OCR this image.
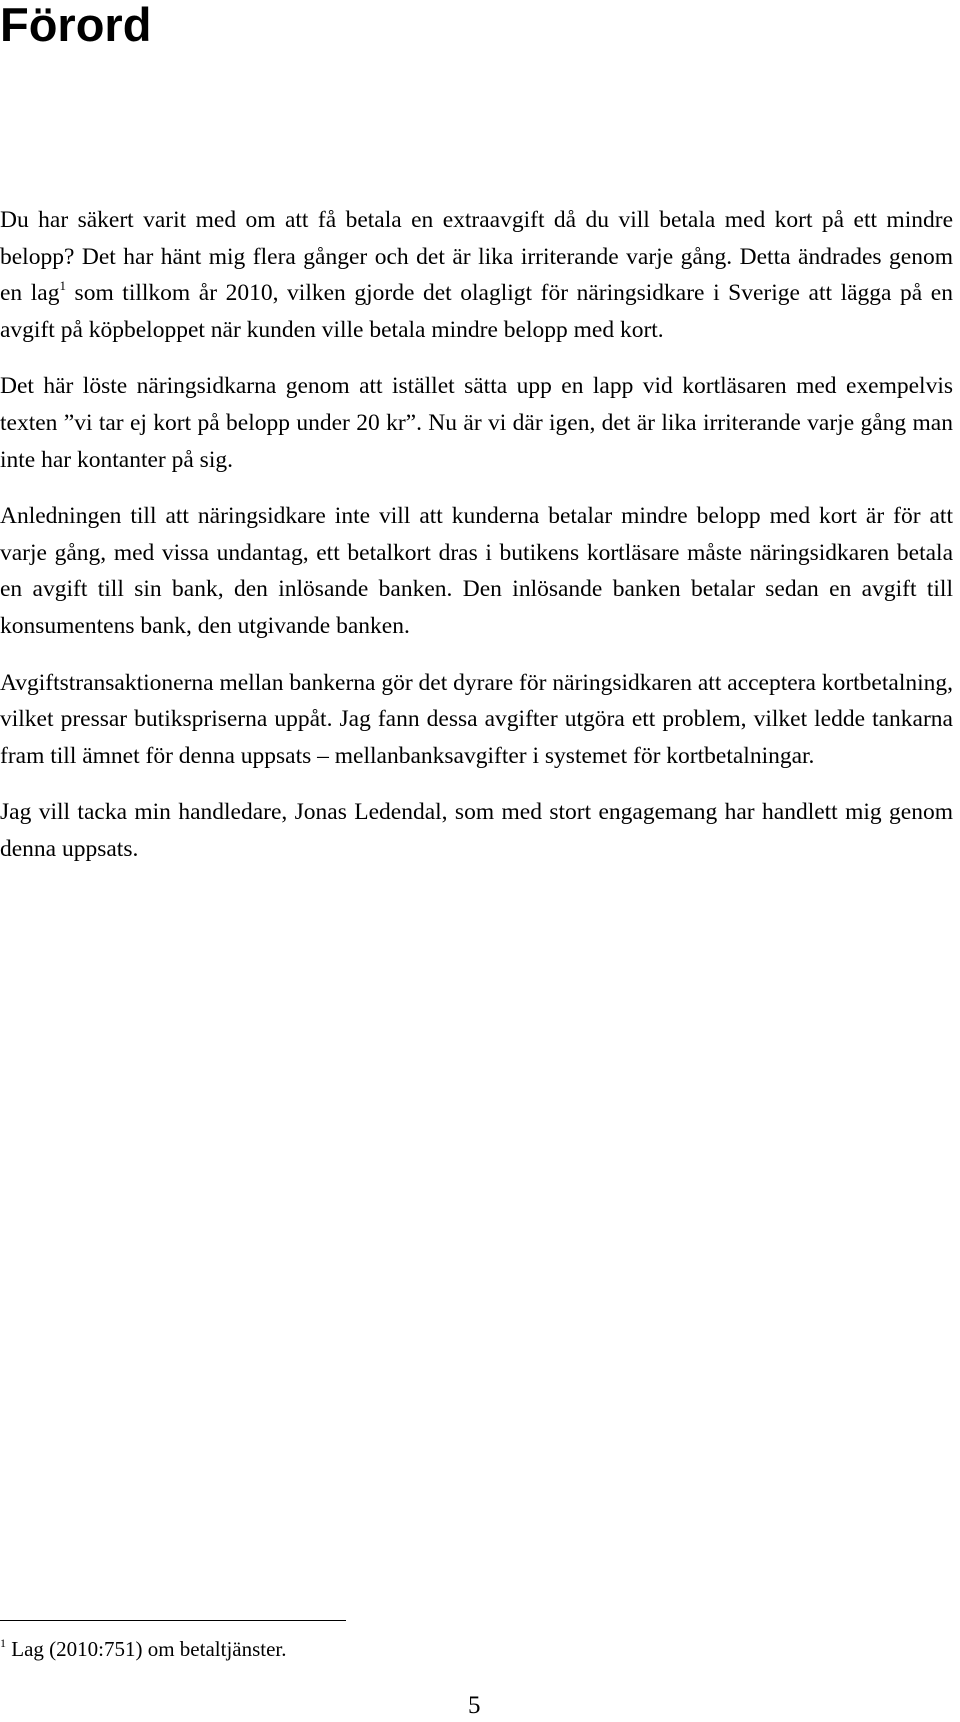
Förord

Du har säkert varit med om att få betala en extraavgift då du vill betala med kort på ett mindre belopp? Det har hänt mig flera gånger och det är lika irriterande varje gång. Detta ändrades genom en lag$^1$ som tillkom år 2010, vilken gjorde det olagligt för näringsidkare i Sverige att lägga på en avgift på köpbeloppet när kunden ville betala mindre belopp med kort.

Det här löste näringsidkarna genom att istället sätta upp en lapp vid kortläsaren med exempelvis texten ”vi tar ej kort på belopp under 20 kr”. Nu är vi där igen, det är lika irriterande varje gång man inte har kontanter på sig.

Anledningen till att näringsidkare inte vill att kunderna betalar mindre belopp med kort är för att varje gång, med vissa undantag, ett betalkort dras i butikens kortläsare måste näringsidkaren betala en avgift till sin bank, den inlösande banken. Den inlösande banken betalar sedan en avgift till konsumentens bank, den utgivande banken.

Avgiftstransaktionerna mellan bankerna gör det dyrare för näringsidkaren att acceptera kortbetalning, vilket pressar butikspriserna uppåt. Jag fann dessa avgifter utgöra ett problem, vilket ledde tankarna fram till ämnet för denna uppsats – mellanbanksavgifter i systemet för kortbetalningar.

Jag vill tacka min handledare, Jonas Ledendal, som med stort engagemang har handlett mig genom denna uppsats.

$^1$ Lag (2010:751) om betaltjänster.
5
